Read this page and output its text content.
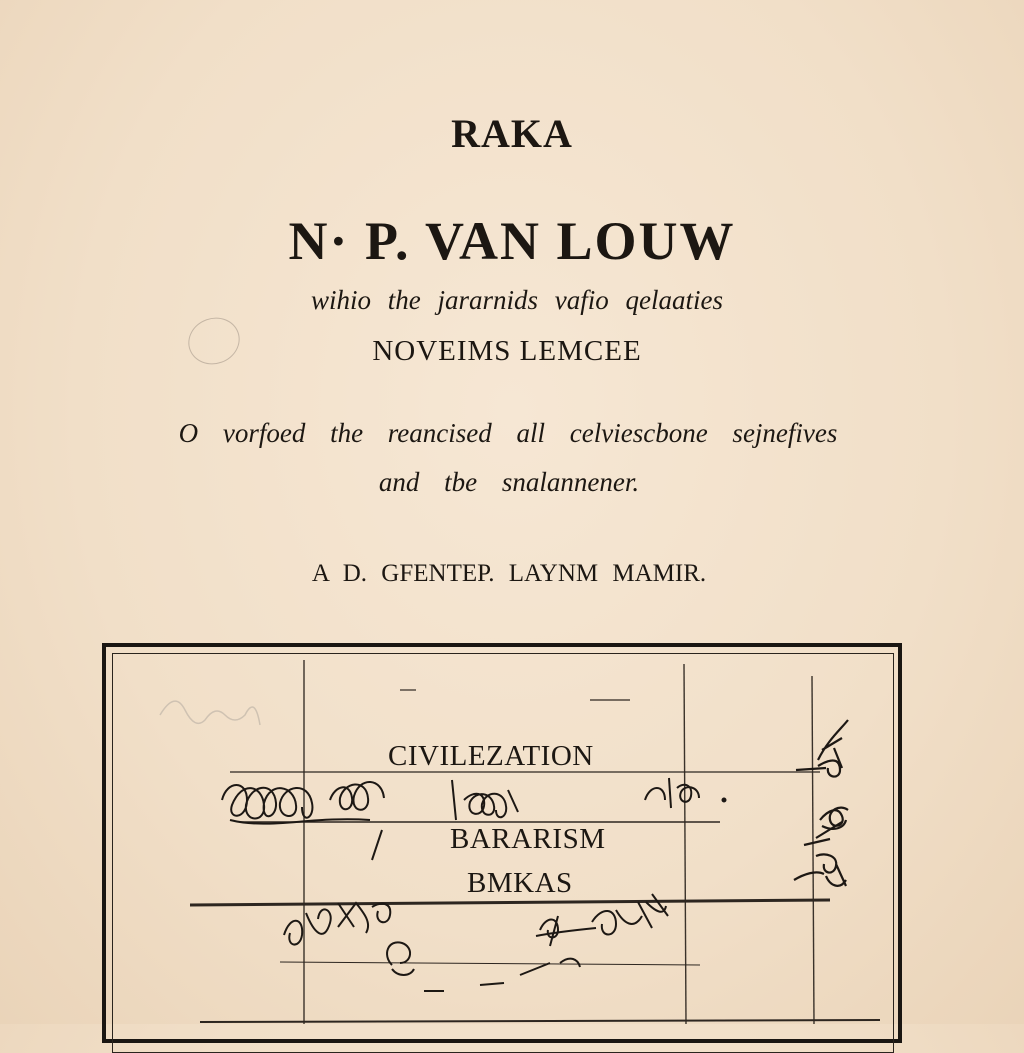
RAKA
N· P. VAN LOUW
wihio the jararnids vafio qelaaties
NOVEIMS LEMCEE
O vorfoed the reancised all celviescbone sejnefives
and tbe snalannener.
A D. GFENTEP. LAYNM MAMIR.
CIVILEZATION
BARARISM
BMKAS
